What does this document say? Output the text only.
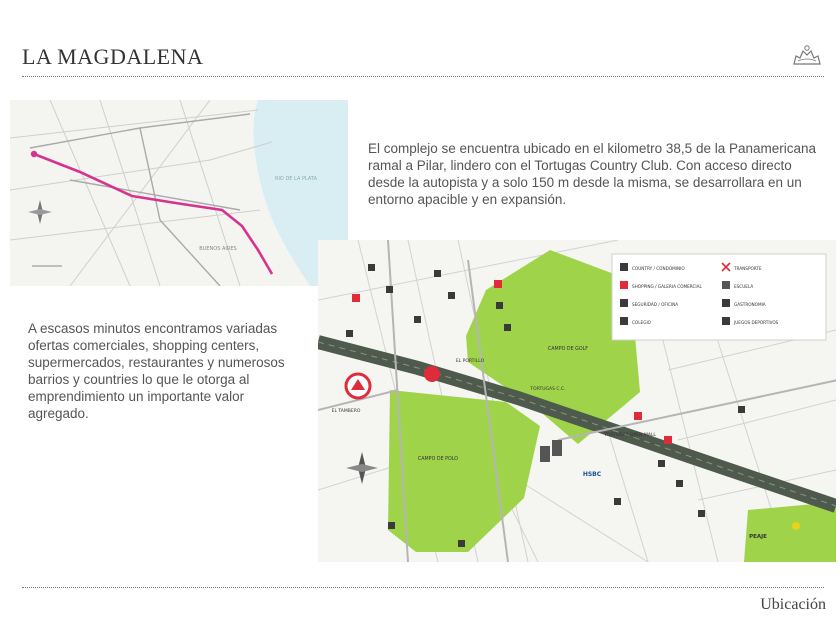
LA MAGDALENA
RIO DE LA PLATA
BUENOS AIRES
El complejo se encuentra ubicado en el kilometro 38,5 de la Panamericana ramal a Pilar, lindero con el Tortugas Country Club. Con acceso directo desde la autopista y a solo 150 m desde la misma, se desarrollara en un entorno apacible y en expansión.
A escasos minutos encontramos variadas ofertas comerciales, shopping centers, supermercados, restaurantes y numerosos barrios y countries lo que le otorga al emprendimiento un importante valor agregado.
CAMPO DE GOLF
CAMPO DE POLO
TORTUGAS C.C.
PEAJE
EL PORTILLO
HSBC
TORTUGAS OPEN MALL
EL TAMBERO
COUNTRY / CONDOMINIO	TRANSPORTE
SHOPPING / GALERIA COMERCIAL	ESCUELA
SEGURIDAD / OFICINA	GASTRONOMIA
COLEGIO	JUEGOS DEPORTIVOS
Ubicación
